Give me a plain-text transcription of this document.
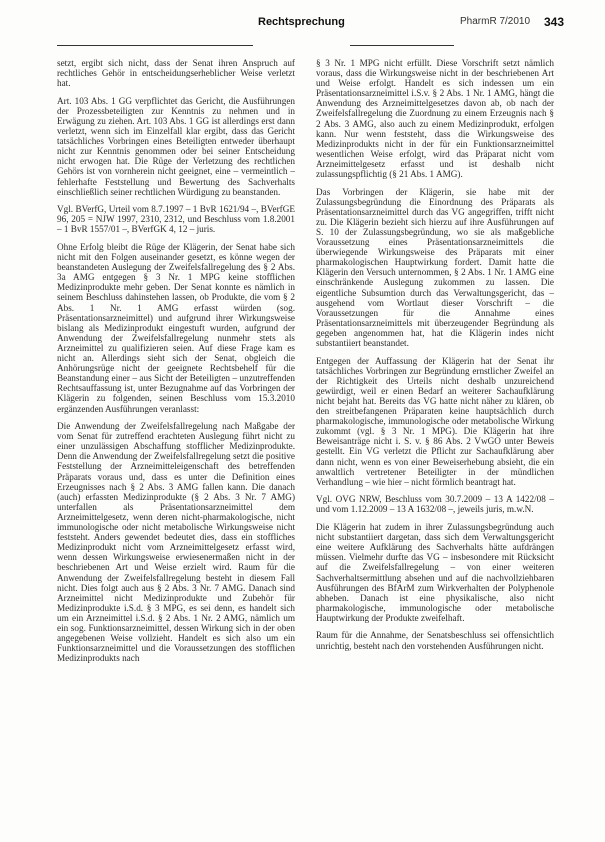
Rechtsprechung	PharmR 7/2010 343

setzt, ergibt sich nicht, dass der Senat ihren Anspruch auf rechtliches Gehör in entscheidungserheblicher Weise verletzt hat.

Art. 103 Abs. 1 GG verpflichtet das Gericht, die Ausführungen der Prozessbeteiligten zur Kenntnis zu nehmen und in Erwägung zu ziehen. Art. 103 Abs. 1 GG ist allerdings erst dann verletzt, wenn sich im Einzelfall klar ergibt, dass das Gericht tatsächliches Vorbringen eines Beteiligten entweder überhaupt nicht zur Kenntnis genommen oder bei seiner Entscheidung nicht erwogen hat. Die Rüge der Verletzung des rechtlichen Gehörs ist von vornherein nicht geeignet, eine – vermeintlich – fehlerhafte Feststellung und Bewertung des Sachverhalts einschließlich seiner rechtlichen Würdigung zu beanstanden.

Vgl. BVerfG, Urteil vom 8.7.1997 – 1 BvR 1621/94 –, BVerfGE 96, 205 = NJW 1997, 2310, 2312, und Beschluss vom 1.8.2001 – 1 BvR 1557/01 –, BVerfGK 4, 12 – juris.

Ohne Erfolg bleibt die Rüge der Klägerin, der Senat habe sich nicht mit den Folgen auseinander gesetzt, es könne wegen der beanstandeten Auslegung der Zweifelsfallregelung des § 2 Abs. 3a AMG entgegen § 3 Nr. 1 MPG keine stofflichen Medizinprodukte mehr geben. Der Senat konnte es nämlich in seinem Beschluss dahinstehen lassen, ob Produkte, die vom § 2 Abs. 1 Nr. 1 AMG erfasst würden (sog. Präsentationsarzneimittel) und aufgrund ihrer Wirkungsweise bislang als Medizinprodukt eingestuft wurden, aufgrund der Anwendung der Zweifelsfallregelung nunmehr stets als Arzneimittel zu qualifizieren seien. Auf diese Frage kam es nicht an. Allerdings sieht sich der Senat, obgleich die Anhörungsrüge nicht der geeignete Rechtsbehelf für die Beanstandung einer – aus Sicht der Beteiligten – unzutreffenden Rechtsauffassung ist, unter Bezugnahme auf das Vorbringen der Klägerin zu folgenden, seinen Beschluss vom 15.3.2010 ergänzenden Ausführungen veranlasst:

Die Anwendung der Zweifelsfallregelung nach Maßgabe der vom Senat für zutreffend erachteten Auslegung führt nicht zu einer unzulässigen Abschaffung stofflicher Medizinprodukte. Denn die Anwendung der Zweifelsfallregelung setzt die positive Feststellung der Arzneimitteleigenschaft des betreffenden Präparats voraus und, dass es unter die Definition eines Erzeugnisses nach § 2 Abs. 3 AMG fallen kann. Die danach (auch) erfassten Medizinprodukte (§ 2 Abs. 3 Nr. 7 AMG) unterfallen als Präsentationsarzneimittel dem Arzneimittelgesetz, wenn deren nicht-pharmakologische, nicht immunologische oder nicht metabolische Wirkungsweise nicht feststeht. Anders gewendet bedeutet dies, dass ein stoffliches Medizinprodukt nicht vom Arzneimittelgesetz erfasst wird, wenn dessen Wirkungsweise erwiesenermaßen nicht in der beschriebenen Art und Weise erzielt wird. Raum für die Anwendung der Zweifelsfallregelung besteht in diesem Fall nicht. Dies folgt auch aus § 2 Abs. 3 Nr. 7 AMG. Danach sind Arzneimittel nicht Medizinprodukte und Zubehör für Medizinprodukte i.S.d. § 3 MPG, es sei denn, es handelt sich um ein Arzneimittel i.S.d. § 2 Abs. 1 Nr. 2 AMG, nämlich um ein sog. Funktionsarzneimittel, dessen Wirkung sich in der oben angegebenen Weise vollzieht. Handelt es sich also um ein Funktionsarzneimittel und die Voraussetzungen des stofflichen Medizinprodukts nach

§ 3 Nr. 1 MPG nicht erfüllt. Diese Vorschrift setzt nämlich voraus, dass die Wirkungsweise nicht in der beschriebenen Art und Weise erfolgt. Handelt es sich indessen um ein Präsentationsarzneimittel i.S.v. § 2 Abs. 1 Nr. 1 AMG, hängt die Anwendung des Arzneimittelgesetzes davon ab, ob nach der Zweifelsfallregelung die Zuordnung zu einem Erzeugnis nach § 2 Abs. 3 AMG, also auch zu einem Medizinprodukt, erfolgen kann. Nur wenn feststeht, dass die Wirkungsweise des Medizinprodukts nicht in der für ein Funktionsarzneimittel wesentlichen Weise erfolgt, wird das Präparat nicht vom Arzneimittelgesetz erfasst und ist deshalb nicht zulassungspflichtig (§ 21 Abs. 1 AMG).

Das Vorbringen der Klägerin, sie habe mit der Zulassungsbegründung die Einordnung des Präparats als Präsentationsarzneimittel durch das VG angegriffen, trifft nicht zu. Die Klägerin bezieht sich hierzu auf ihre Ausführungen auf S. 10 der Zulassungsbegründung, wo sie als maßgebliche Voraussetzung eines Präsentationsarzneimittels die überwiegende Wirkungsweise des Präparats mit einer pharmakologischen Hauptwirkung fordert. Damit hatte die Klägerin den Versuch unternommen, § 2 Abs. 1 Nr. 1 AMG eine einschränkende Auslegung zukommen zu lassen. Die eigentliche Subsumtion durch das Verwaltungsgericht, das – ausgehend vom Wortlaut dieser Vorschrift – die Voraussetzungen für die Annahme eines Präsentationsarzneimittels mit überzeugender Begründung als gegeben angenommen hat, hat die Klägerin indes nicht substantiiert beanstandet.

Entgegen der Auffassung der Klägerin hat der Senat ihr tatsächliches Vorbringen zur Begründung ernstlicher Zweifel an der Richtigkeit des Urteils nicht deshalb unzureichend gewürdigt, weil er einen Bedarf an weiterer Sachaufklärung nicht bejaht hat. Bereits das VG hatte nicht näher zu klären, ob den streitbefangenen Präparaten keine hauptsächlich durch pharmakologische, immunologische oder metabolische Wirkung zukommt (vgl. § 3 Nr. 1 MPG). Die Klägerin hat ihre Beweisanträge nicht i. S. v. § 86 Abs. 2 VwGO unter Beweis gestellt. Ein VG verletzt die Pflicht zur Sachaufklärung aber dann nicht, wenn es von einer Beweiserhebung absieht, die ein anwaltlich vertretener Beteiligter in der mündlichen Verhandlung – wie hier – nicht förmlich beantragt hat.

Vgl. OVG NRW, Beschluss vom 30.7.2009 – 13 A 1422/08 – und vom 1.12.2009 – 13 A 1632/08 –, jeweils juris, m.w.N.

Die Klägerin hat zudem in ihrer Zulassungsbegründung auch nicht substantiiert dargetan, dass sich dem Verwaltungsgericht eine weitere Aufklärung des Sachverhalts hätte aufdrängen müssen. Vielmehr durfte das VG – insbesondere mit Rücksicht auf die Zweifelsfallregelung – von einer weiteren Sachverhaltsermittlung absehen und auf die nachvollziehbaren Ausführungen des BfArM zum Wirkverhalten der Polyphenole abheben. Danach ist eine physikalische, also nicht pharmakologische, immunologische oder metabolische Hauptwirkung der Produkte zweifelhaft.

Raum für die Annahme, der Senatsbeschluss sei offensichtlich unrichtig, besteht nach den vorstehenden Ausführungen nicht.
